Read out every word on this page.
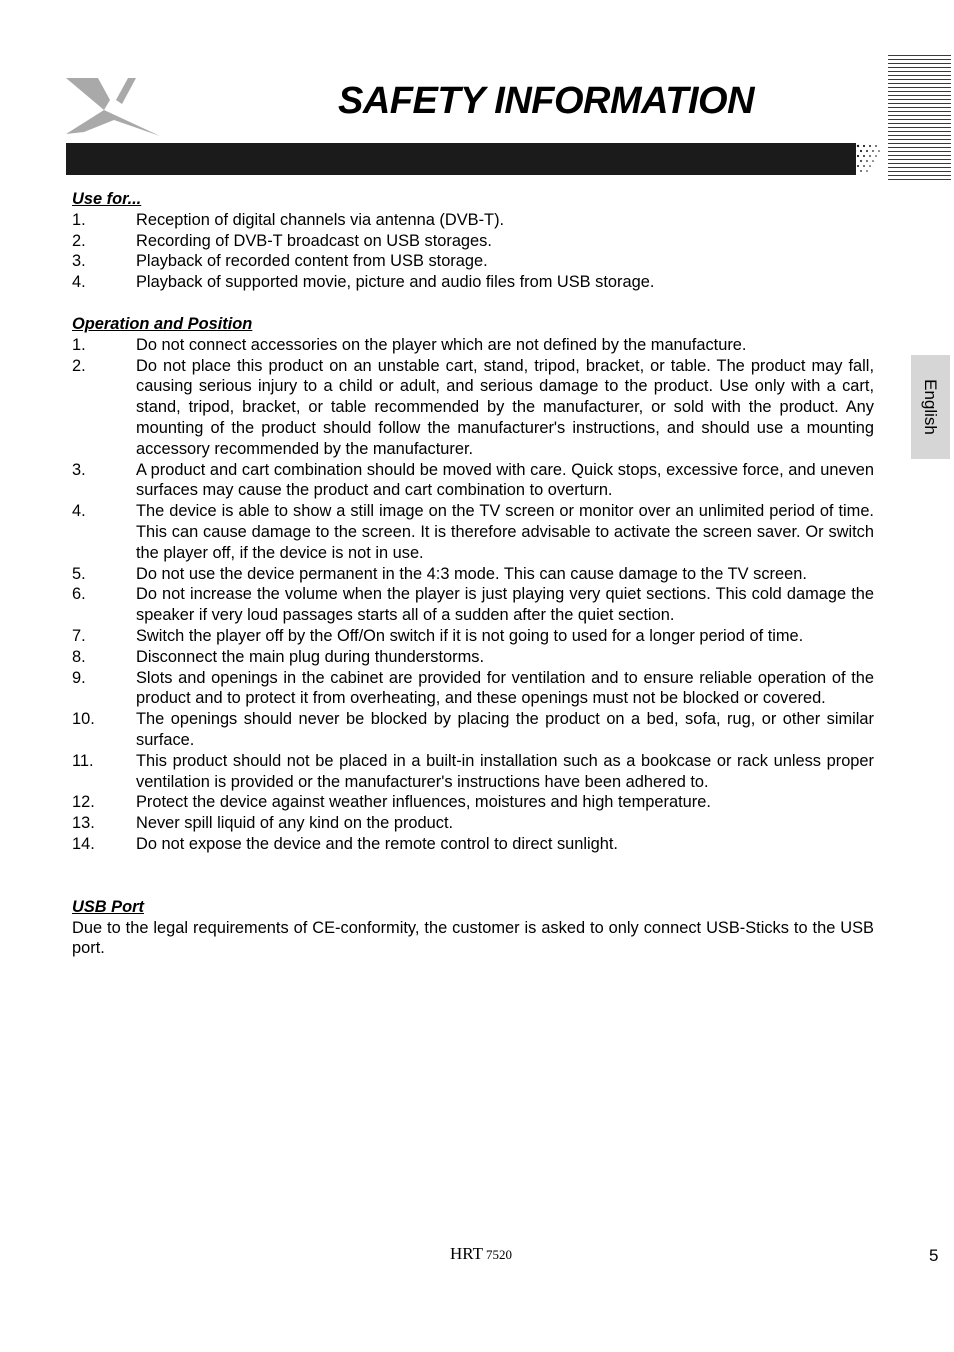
SAFETY INFORMATION
English

Use for...

1.	Reception of digital channels via antenna (DVB-T).
2.	Recording of DVB-T broadcast on USB storages.
3.	Playback of recorded content from USB storage.
4.	Playback of supported movie, picture and audio files from USB storage.

Operation and Position

1.	Do not connect accessories on the player which are not defined by the manufacture.
2.	Do not place this product on an unstable cart, stand, tripod, bracket, or table. The product may fall, causing serious injury to a child or adult, and serious damage to the product. Use only with a cart, stand, tripod, bracket, or table recommended by the manufacturer, or sold with the product. Any mounting of the product should follow the manufacturer's instructions, and should use a mounting accessory recommended by the manufacturer.
3.	A product and cart combination should be moved with care. Quick stops, excessive force, and uneven surfaces may cause the product and cart combination to overturn.
4.	The device is able to show a still image on the TV screen or monitor over an unlimited period of time. This can cause damage to the screen. It is therefore advisable to activate the screen saver. Or switch the player off, if the device is not in use.
5.	Do not use the device permanent in the 4:3 mode. This can cause damage to the TV screen.
6.	Do not increase the volume when the player is just playing very quiet sections. This cold damage the speaker if very loud passages starts all of a sudden after the quiet section.
7.	Switch the player off by the Off/On switch if it is not going to used for a longer period of time.
8.	Disconnect the main plug during thunderstorms.
9.	Slots and openings in the cabinet are provided for ventilation and to ensure reliable operation of the product and to protect it from overheating, and these openings must not be blocked or covered.
10.	The openings should never be blocked by placing the product on a bed, sofa, rug, or other similar surface.
11.	This product should not be placed in a built-in installation such as a bookcase or rack unless proper ventilation is provided or the manufacturer's instructions have been adhered to.
12.	Protect the device against weather influences, moistures and high temperature.
13.	Never spill liquid of any kind on the product.
14.	Do not expose the device and the remote control to direct sunlight.

USB Port

Due to the legal requirements of CE-conformity, the customer is asked to only connect USB-Sticks to the USB port.

HRT 7520	5
